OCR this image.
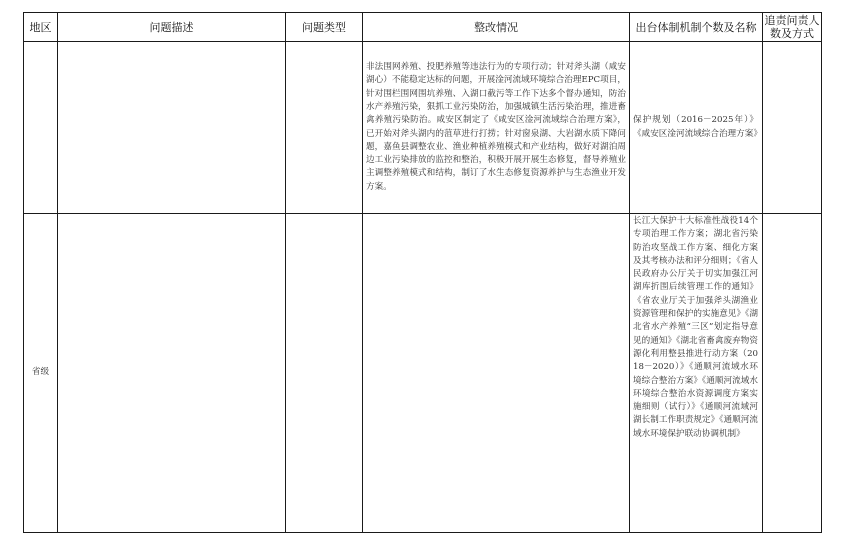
地区	问题描述	问题类型	整改情况	出台体制机制个数及名称	追责问责人数及方式

			非法围网养殖、投肥养殖等违法行为的专项行动；针对斧头湖（咸安湖心）不能稳定达标的问题，开展淦河流域环境综合治理EPC项目，针对围栏围网围坑养殖、入湖口截污等工作下达多个督办通知，防治水产养殖污染，狠抓工业污染防治，加强城镇生活污染治理，推进畜禽养殖污染防治。咸安区制定了《咸安区淦河流域综合治理方案》，已开始对斧头湖内的菹草进行打捞；针对窗泉湖、大岩湖水质下降问题，嘉鱼县调整农业、渔业种植养殖模式和产业结构，做好对湖泊周边工业污染排放的监控和整治，积极开展开展生态修复，督导养殖业主调整养殖模式和结构，制订了水生态修复资源养护与生态渔业开发方案。	保护规划（2016－2025年）》《咸安区淦河流域综合治理方案》	

省级				长江大保护十大标准性战役14个专项治理工作方案；湖北省污染防治攻坚战工作方案、细化方案及其考核办法和评分细则；《省人民政府办公厅关于切实加强江河湖库折围后续管理工作的通知》《省农业厅关于加强斧头湖渔业资源管理和保护的实施意见》《湖北省水产养殖“三区”划定指导意见的通知》《湖北省畜禽废弃物资源化利用整县推进行动方案（2018－2020）》《通顺河流域水环境综合整治方案》《通顺河流域水环境综合整治水资源调度方案实施细则（试行）》《通顺河流域河湖长制工作职责规定》《通顺河流域水环境保护联动协调机制》	
